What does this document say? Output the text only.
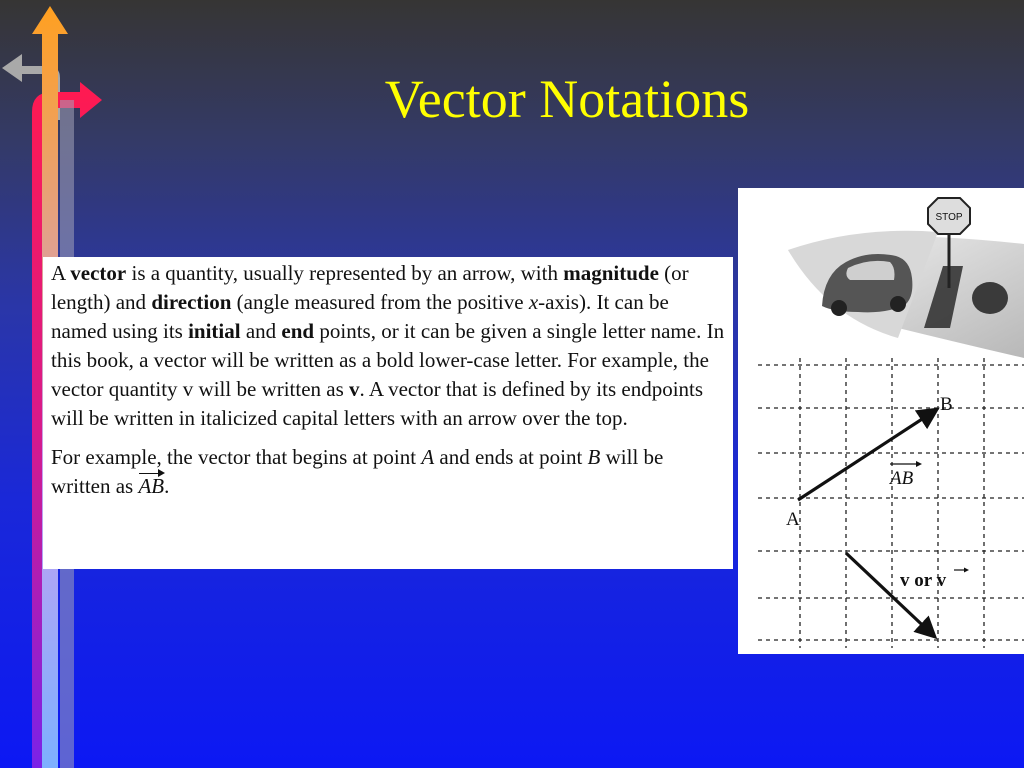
Vector Notations

A vector is a quantity, usually represented by an arrow, with magnitude (or length) and direction (angle measured from the positive x-axis). It can be named using its initial and end points, or it can be given a single letter name. In this book, a vector will be written as a bold lower-case letter. For example, the vector quantity v will be written as v. A vector that is defined by its endpoints will be written in italicized capital letters with an arrow over the top.

For example, the vector that begins at point A and ends at point B will be written as AB.

STOP
A
B
AB
v or v
